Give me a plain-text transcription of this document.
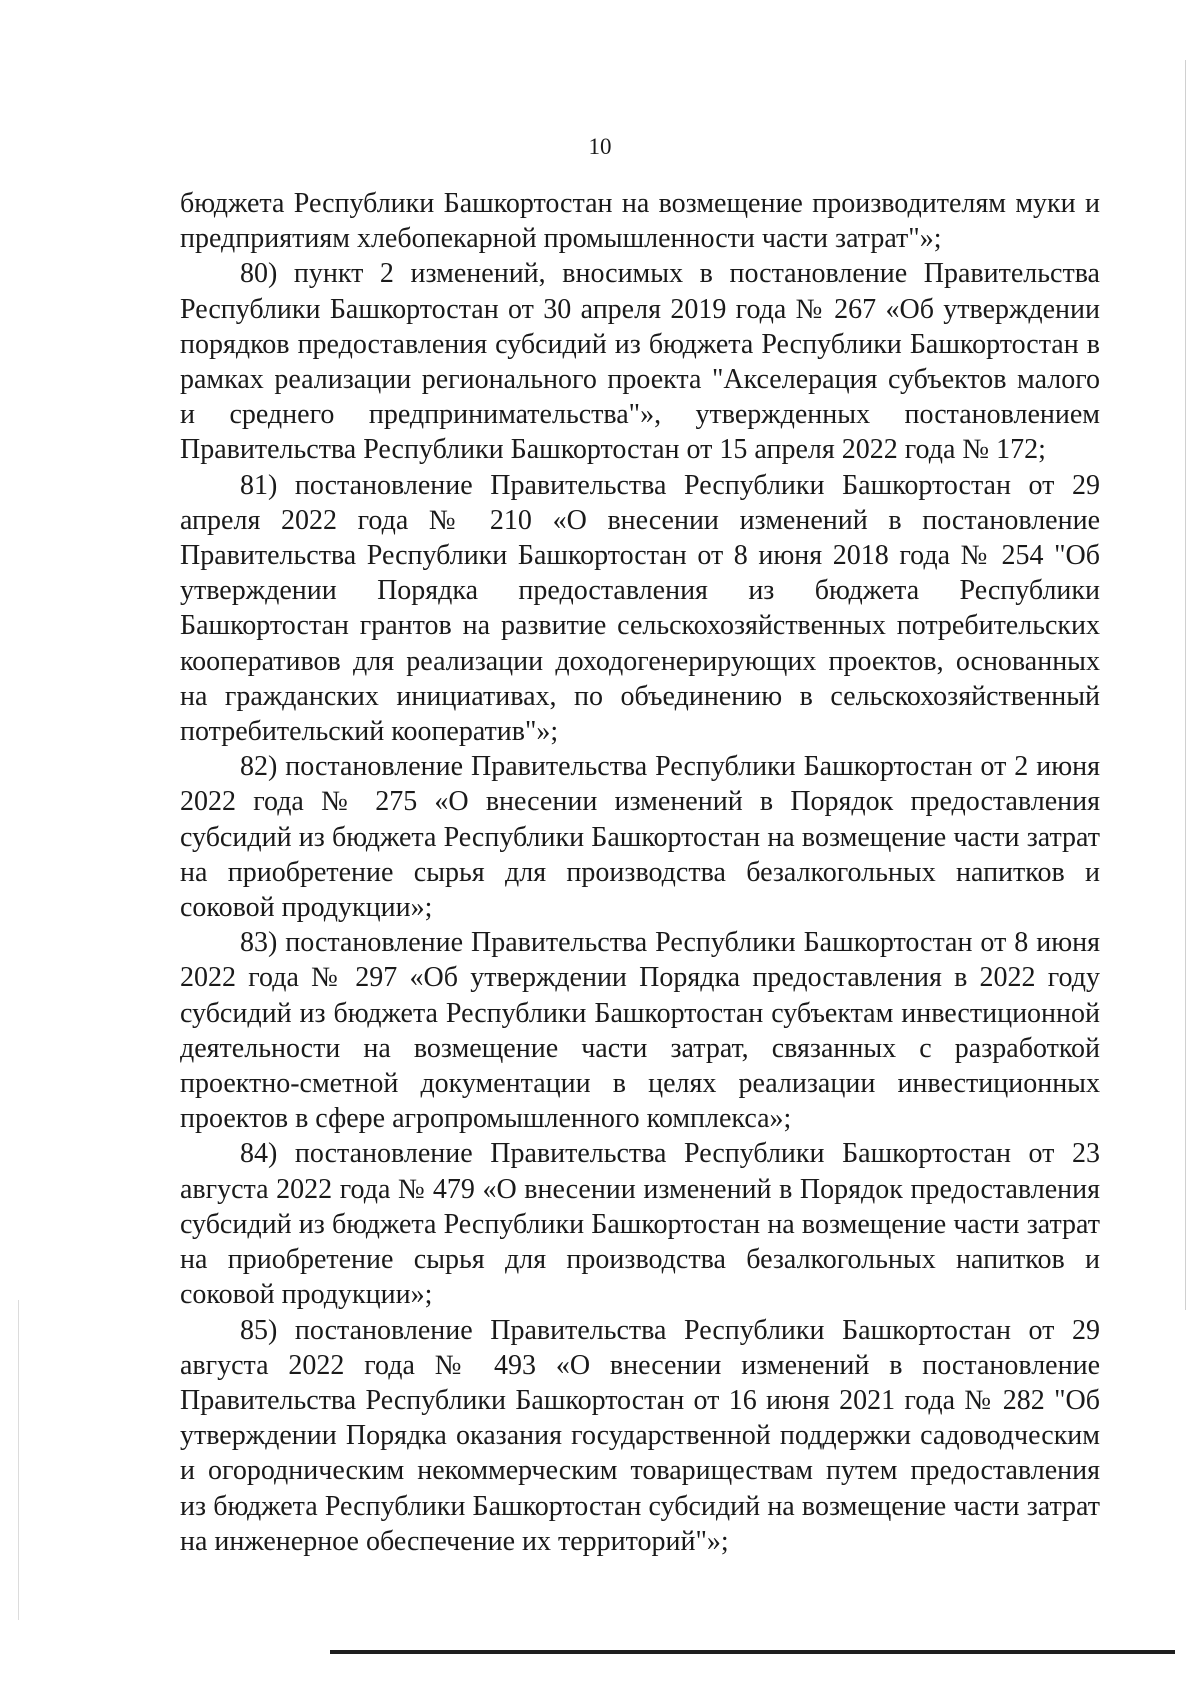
10

бюджета Республики Башкортостан на возмещение производителям муки и предприятиям хлебопекарной промышленности части затрат"»;

80) пункт 2 изменений, вносимых в постановление Правительства Республики Башкортостан от 30 апреля 2019 года № 267 «Об утверждении порядков предоставления субсидий из бюджета Республики Башкортостан в рамках реализации регионального проекта "Акселерация субъектов малого и среднего предпринимательства"», утвержденных постановлением Правительства Республики Башкортостан от 15 апреля 2022 года № 172;

81) постановление Правительства Республики Башкортостан от 29 апреля 2022 года № 210 «О внесении изменений в постановление Правительства Республики Башкортостан от 8 июня 2018 года № 254 "Об утверждении Порядка предоставления из бюджета Республики Башкортостан грантов на развитие сельскохозяйственных потребительских кооперативов для реализации доходогенерирующих проектов, основанных на гражданских инициативах, по объединению в сельскохозяйственный потребительский кооператив"»;

82) постановление Правительства Республики Башкортостан от 2 июня 2022 года № 275 «О внесении изменений в Порядок предоставления субсидий из бюджета Республики Башкортостан на возмещение части затрат на приобретение сырья для производства безалкогольных напитков и соковой продукции»;

83) постановление Правительства Республики Башкортостан от 8 июня 2022 года № 297 «Об утверждении Порядка предоставления в 2022 году субсидий из бюджета Республики Башкортостан субъектам инвестиционной деятельности на возмещение части затрат, связанных с разработкой проектно-сметной документации в целях реализации инвестиционных проектов в сфере агропромышленного комплекса»;

84) постановление Правительства Республики Башкортостан от 23 августа 2022 года № 479 «О внесении изменений в Порядок предоставления субсидий из бюджета Республики Башкортостан на возмещение части затрат на приобретение сырья для производства безалкогольных напитков и соковой продукции»;

85) постановление Правительства Республики Башкортостан от 29 августа 2022 года № 493 «О внесении изменений в постановление Правительства Республики Башкортостан от 16 июня 2021 года № 282 "Об утверждении Порядка оказания государственной поддержки садоводческим и огородническим некоммерческим товариществам путем предоставления из бюджета Республики Башкортостан субсидий на возмещение части затрат на инженерное обеспечение их территорий"»;
